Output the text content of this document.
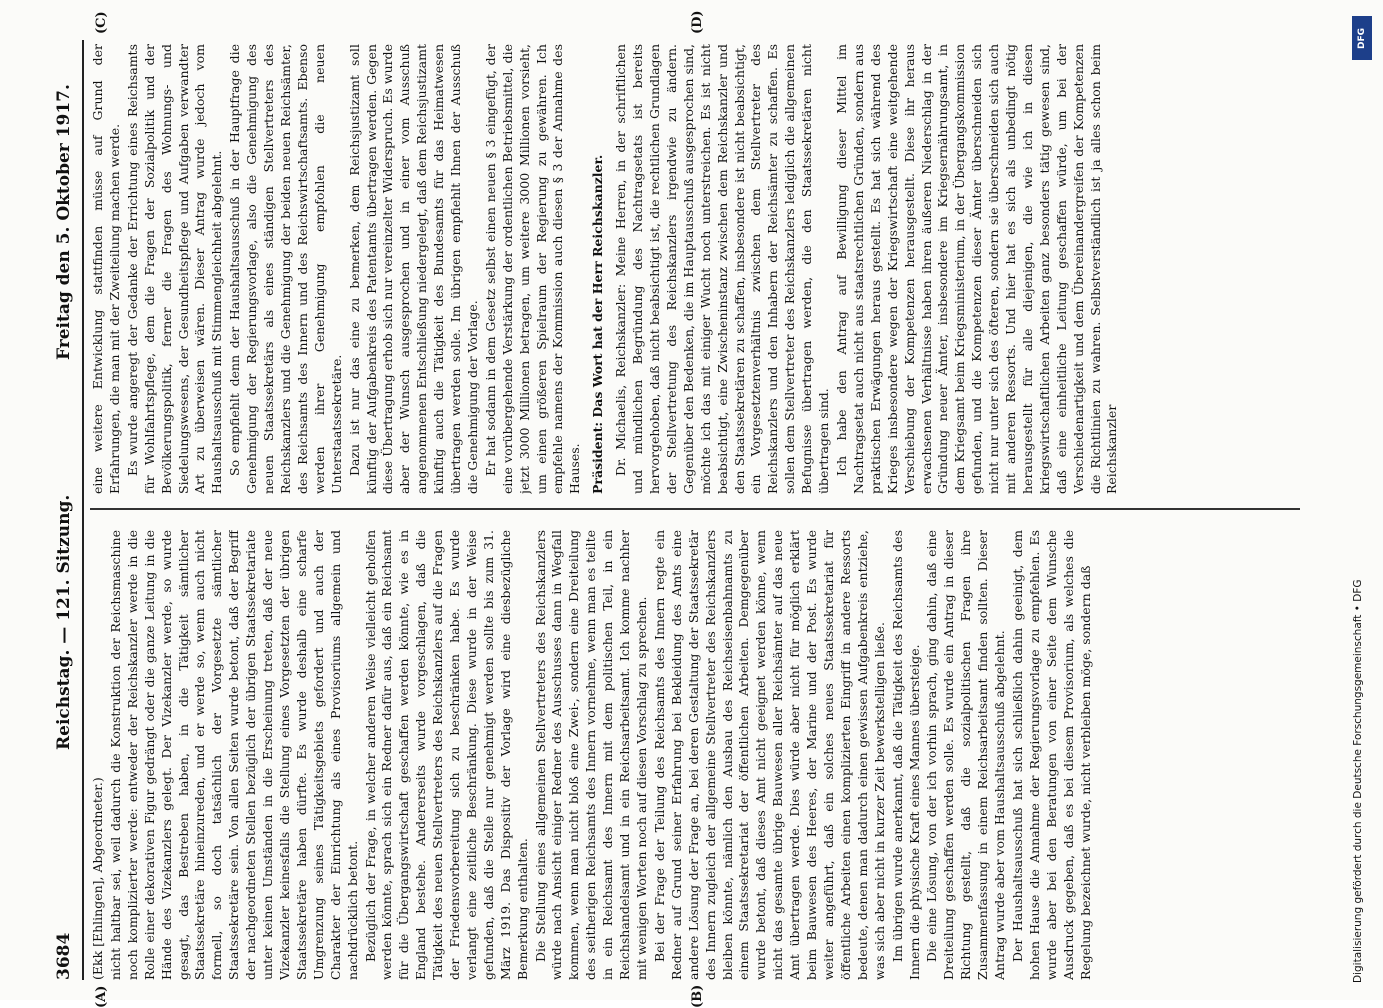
3684
Reichstag. — 121. Sitzung.
Freitag den 5. Oktober 1917.

(Ekk [Ehlingen], Abgeordneter.) nicht haltbar sei, weil dadurch die Konstruktion der Reichsmaschine noch komplizierter werde: entweder der Reichskanzler werde in die Rolle einer dekorativen Figur gedrängt oder die ganze Leitung in die Hände des Vizekanzlers gelegt. Der Vizekanzler werde, so wurde gesagt, das Bestreben haben, in die Tätigkeit sämtlicher Staatssekretäre hineinzureden, und er werde so, wenn auch nicht formell, so doch tatsächlich der Vorgesetzte sämtlicher Staatssekretäre sein. Von allen Seiten wurde betont, daß der Begriff der nachgeordneten Stellen bezüglich der übrigen Staatssekretariate unter keinen Umständen in die Erscheinung treten, daß der neue Vizekanzler keinesfalls die Stellung eines Vorgesetzten der übrigen Staatssekretäre haben dürfte. Es wurde deshalb eine scharfe Umgrenzung seines Tätigkeitsgebiets gefordert und auch der Charakter der Einrichtung als eines Provisoriums allgemein und nachdrücklich betont. Bezüglich der Frage, in welcher anderen Weise vielleicht geholfen werden könnte, sprach sich ein Redner dafür aus, daß ein Reichsamt für die Übergangswirtschaft geschaffen werden könnte, wie es in England bestehe. Andererseits wurde vorgeschlagen, daß die Tätigkeit des neuen Stellvertreters des Reichskanzlers auf die Fragen der Friedensvorbereitung sich zu beschränken habe. Es wurde verlangt eine zeitliche Beschränkung. Diese wurde in der Weise gefunden, daß die Stelle nur genehmigt werden sollte bis zum 31. März 1919. Das Dispositiv der Vorlage wird eine diesbezügliche Bemerkung enthalten. Die Stellung eines allgemeinen Stellvertreters des Reichskanzlers würde nach Ansicht einiger Redner des Ausschusses dann in Wegfall kommen, wenn man nicht bloß eine Zwei-, sondern eine Dreiteilung des seitherigen Reichsamts des Innern vornehme, wenn man es teilte in ein Reichsamt des Innern mit dem politischen Teil, in ein Reichshandelsamt und in ein Reichsarbeitsamt. Ich komme nachher mit wenigen Worten noch auf diesen Vorschlag zu sprechen. Bei der Frage der Teilung des Reichsamts des Innern regte ein Redner auf Grund seiner Erfahrung bei Bekleidung des Amts eine andere Lösung der Frage an, bei deren Gestaltung der Staatssekretär des Innern zugleich der allgemeine Stellvertreter des Reichskanzlers bleiben könnte, nämlich den Ausbau des Reichseisenbahnamts zu einem Staatssekretariat der öffentlichen Arbeiten. Demgegenüber wurde betont, daß dieses Amt nicht geeignet werden könne, wenn nicht das gesamte übrige Bauwesen aller Reichsämter auf das neue Amt übertragen werde. Dies würde aber nicht für möglich erklärt beim Bauwesen des Heeres, der Marine und der Post. Es wurde weiter angeführt, daß ein solches neues Staatssekretariat für öffentliche Arbeiten einen komplizierten Eingriff in andere Ressorts bedeute, denen man dadurch einen gewissen Aufgabenkreis entziehe, was sich aber nicht in kurzer Zeit bewerkstelligen ließe. Im übrigen wurde anerkannt, daß die Tätigkeit des Reichsamts des Innern die physische Kraft eines Mannes übersteige. Die eine Lösung, von der ich vorhin sprach, ging dahin, daß eine Dreiteilung geschaffen werden solle. Es wurde ein Antrag in dieser Richtung gestellt, daß die sozialpolitischen Fragen ihre Zusammenfassung in einem Reichsarbeitsamt finden sollten. Dieser Antrag wurde aber vom Haushaltsausschuß abgelehnt. Der Haushaltsausschuß hat sich schließlich dahin geeinigt, dem hohen Hause die Annahme der Regierungsvorlage zu empfehlen. Es wurde aber bei den Beratungen von einer Seite dem Wunsche Ausdruck gegeben, daß es bei diesem Provisorium, als welches die Regelung bezeichnet wurde, nicht verbleiben möge, sondern daß

eine weitere Entwicklung stattfinden müsse auf Grund der Erfahrungen, die man mit der Zweiteilung machen werde. Es wurde angeregt der Gedanke der Errichtung eines Reichsamts für Wohlfahrtspflege, dem die Fragen der Sozialpolitik und der Bevölkerungspolitik, ferner die Fragen des Wohnungs- und Siedelungswesens, der Gesundheitspflege und Aufgaben verwandter Art zu überweisen wären. Dieser Antrag wurde jedoch vom Haushaltsausschuß mit Stimmengleichheit abgelehnt. So empfiehlt denn der Haushaltsausschuß in der Hauptfrage die Genehmigung der Regierungsvorlage, also die Genehmigung des neuen Staatssekretärs als eines ständigen Stellvertreters des Reichskanzlers und die Genehmigung der beiden neuen Reichsämter, des Reichsamts des Innern und des Reichswirtschaftsamts. Ebenso werden ihrer Genehmigung empfohlen die neuen Unterstaatssekretäre. Dazu ist nur das eine zu bemerken, dem Reichsjustizamt soll künftig der Aufgabenkreis des Patentamts übertragen werden. Gegen diese Übertragung erhob sich nur vereinzelter Widerspruch. Es wurde aber der Wunsch ausgesprochen und in einer vom Ausschuß angenommenen Entschließung niedergelegt, daß dem Reichsjustizamt künftig auch die Tätigkeit des Bundesamts für das Heimatwesen übertragen werden solle. Im übrigen empfiehlt Ihnen der Ausschuß die Genehmigung der Vorlage. Er hat sodann in dem Gesetz selbst einen neuen § 3 eingefügt, der eine vorübergehende Verstärkung der ordentlichen Betriebsmittel, die jetzt 3000 Millionen betragen, um weitere 3000 Millionen vorsieht, um einen größeren Spielraum der Regierung zu gewähren. Ich empfehle namens der Kommission auch diesen § 3 der Annahme des Hauses. Präsident: Das Wort hat der Herr Reichskanzler. Dr. Michaelis, Reichskanzler: Meine Herren, in der schriftlichen und mündlichen Begründung des Nachtragsetats ist bereits hervorgehoben, daß nicht beabsichtigt ist, die rechtlichen Grundlagen der Stellvertretung des Reichskanzlers irgendwie zu ändern. Gegenüber den Bedenken, die im Hauptausschuß ausgesprochen sind, möchte ich das mit einiger Wucht noch unterstreichen. Es ist nicht beabsichtigt, eine Zwischeninstanz zwischen dem Reichskanzler und den Staatssekretären zu schaffen, insbesondere ist nicht beabsichtigt, ein Vorgesetztenverhältnis zwischen dem Stellvertreter des Reichskanzlers und den Inhabern der Reichsämter zu schaffen. Es sollen dem Stellvertreter des Reichskanzlers lediglich die allgemeinen Befugnisse übertragen werden, die den Staatssekretären nicht übertragen sind. Ich habe den Antrag auf Bewilligung dieser Mittel im Nachtragsetat auch nicht aus staatsrechtlichen Gründen, sondern aus praktischen Erwägungen heraus gestellt. Es hat sich während des Krieges insbesondere wegen der Kriegswirtschaft eine weitgehende Verschiebung der Kompetenzen herausgestellt. Diese ihr heraus erwachsenen Verhältnisse haben ihren äußeren Niederschlag in der Gründung neuer Ämter, insbesondere im Kriegsernährungsamt, in dem Kriegsamt beim Kriegsministerium, in der Übergangskommission gefunden, und die Kompetenzen dieser Ämter überschneiden sich nicht nur unter sich des öfteren, sondern sie überschneiden sich auch mit anderen Ressorts. Und hier hat es sich als unbedingt nötig herausgestellt für alle diejenigen, die wie ich in diesen kriegswirtschaftlichen Arbeiten ganz besonders tätig gewesen sind, daß eine einheitliche Leitung geschaffen würde, um bei der Verschiedenartigkeit und dem Übereinandergreifen der Kompetenzen die Richtlinien zu wahren. Selbstverständlich ist ja alles schon beim Reichskanzler

(A)	(B)
(C)	(D)
DFG
Digitalisierung gefördert durch die Deutsche Forschungsgemeinschaft • DFG
